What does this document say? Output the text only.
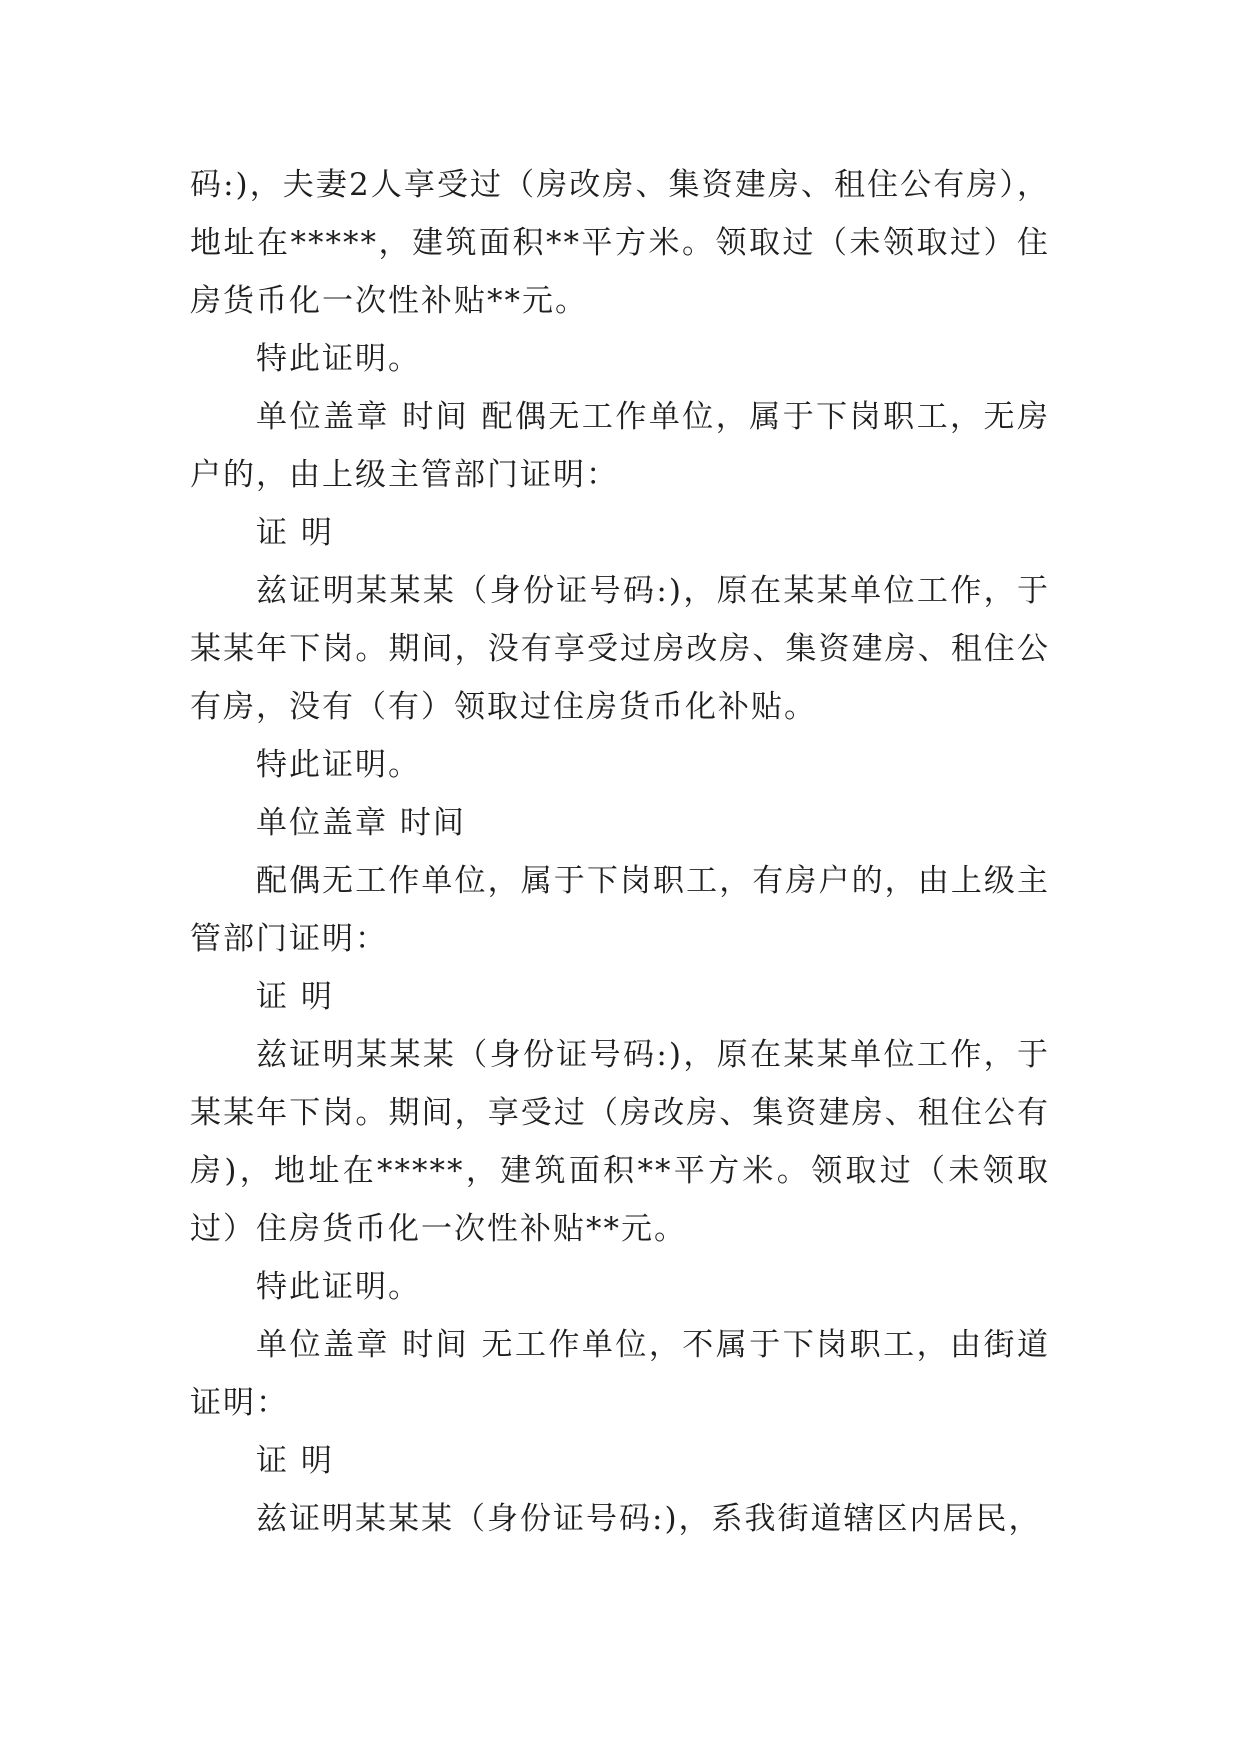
码:)，夫妻2人享受过（房改房、集资建房、租住公有房），地址在*****，建筑面积**平方米。领取过（未领取过）住房货币化一次性补贴**元。

特此证明。

单位盖章 时间 配偶无工作单位，属于下岗职工，无房户的，由上级主管部门证明：

证 明

兹证明某某某（身份证号码:)，原在某某单位工作，于某某年下岗。期间，没有享受过房改房、集资建房、租住公有房，没有（有）领取过住房货币化补贴。

特此证明。

单位盖章 时间

配偶无工作单位，属于下岗职工，有房户的，由上级主管部门证明：

证 明

兹证明某某某（身份证号码:)，原在某某单位工作，于某某年下岗。期间，享受过（房改房、集资建房、租住公有房)，地址在*****，建筑面积**平方米。领取过（未领取过）住房货币化一次性补贴**元。

特此证明。

单位盖章 时间 无工作单位，不属于下岗职工，由街道证明：

证 明

兹证明某某某（身份证号码:)，系我街道辖区内居民，
